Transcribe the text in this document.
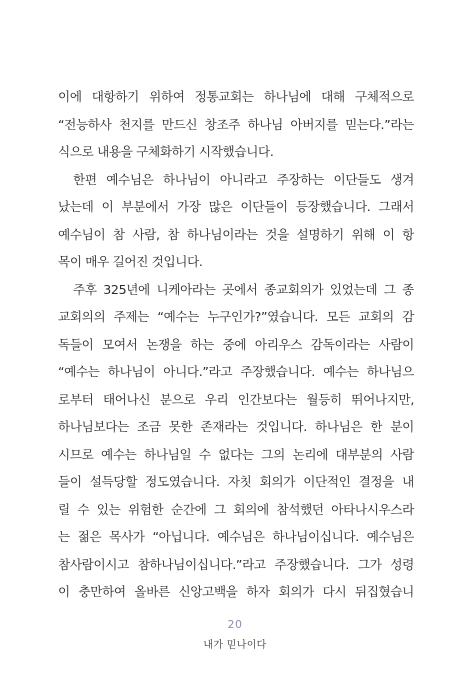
이에 대항하기 위하여 정통교회는 하나님에 대해 구체적으로
“전능하사 천지를 만드신 창조주 하나님 아버지를 믿는다.”라는
식으로 내용을 구체화하기 시작했습니다.
한편 예수님은 하나님이 아니라고 주장하는 이단들도 생겨
났는데 이 부분에서 가장 많은 이단들이 등장했습니다. 그래서
예수님이 참 사람, 참 하나님이라는 것을 설명하기 위해 이 항
목이 매우 길어진 것입니다.
주후 325년에 니케아라는 곳에서 종교회의가 있었는데 그 종
교회의의 주제는 “예수는 누구인가?”였습니다. 모든 교회의 감
독들이 모여서 논쟁을 하는 중에 아리우스 감독이라는 사람이
“예수는 하나님이 아니다.”라고 주장했습니다. 예수는 하나님으
로부터 태어나신 분으로 우리 인간보다는 월등히 뛰어나지만,
하나님보다는 조금 못한 존재라는 것입니다. 하나님은 한 분이
시므로 예수는 하나님일 수 없다는 그의 논리에 대부분의 사람
들이 설득당할 정도였습니다. 자칫 회의가 이단적인 결정을 내
릴 수 있는 위험한 순간에 그 회의에 참석했던 아타나시우스라
는 젊은 목사가 “아닙니다. 예수님은 하나님이십니다. 예수님은
참사람이시고 참하나님이십니다.”라고 주장했습니다. 그가 성령
이 충만하여 올바른 신앙고백을 하자 회의가 다시 뒤집혔습니
20
내가 믿나이다
